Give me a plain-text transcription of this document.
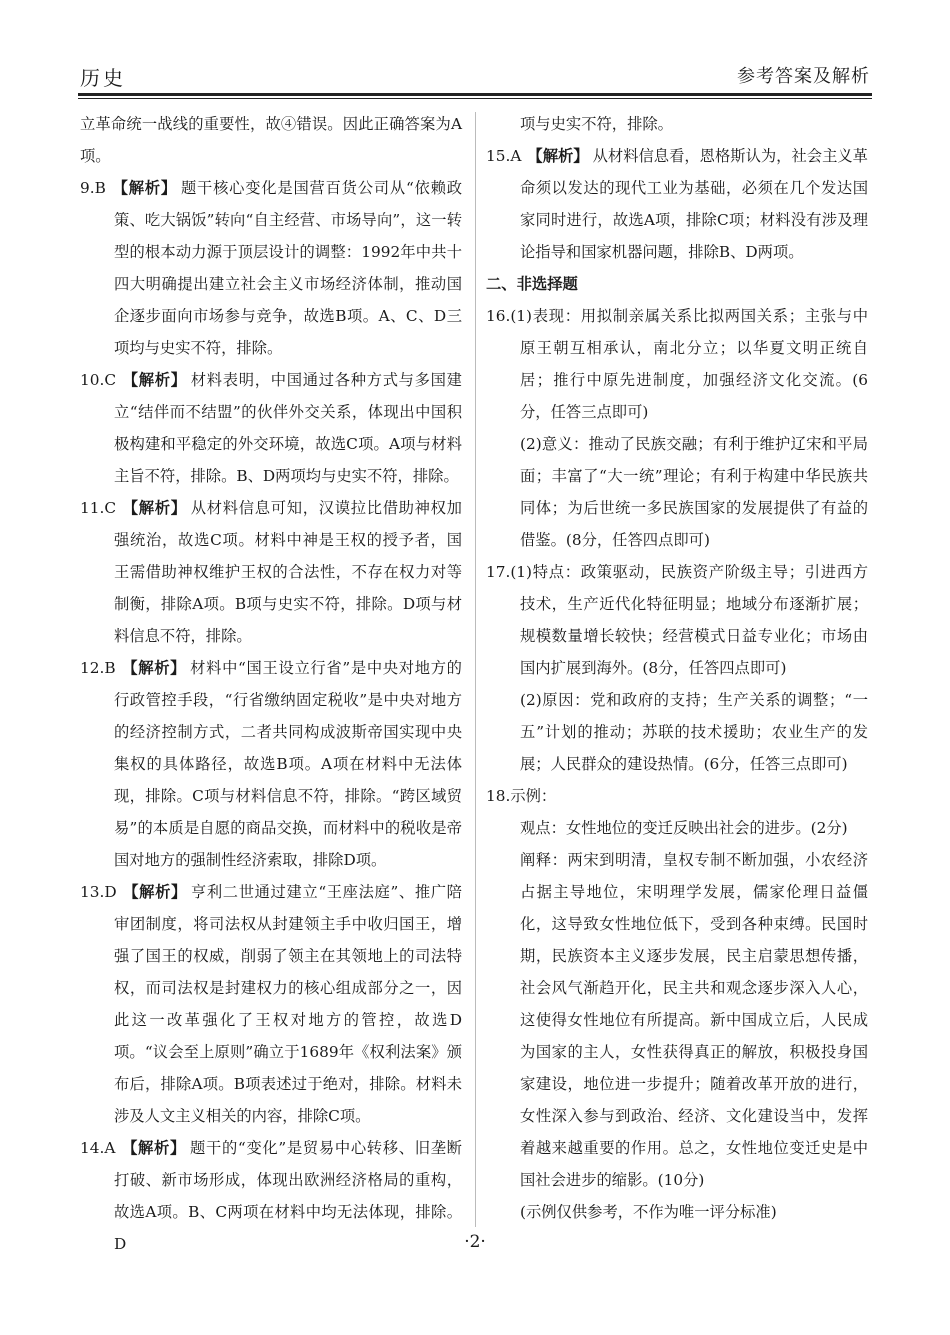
历史	参考答案及解析

立革命统一战线的重要性，故④错误。因此正确答案为A项。

9.B 【解析】 题干核心变化是国营百货公司从“依赖政策、吃大锅饭”转向“自主经营、市场导向”，这一转型的根本动力源于顶层设计的调整：1992年中共十四大明确提出建立社会主义市场经济体制，推动国企逐步面向市场参与竞争，故选B项。A、C、D三项均与史实不符，排除。

10.C 【解析】 材料表明，中国通过各种方式与多国建立“结伴而不结盟”的伙伴外交关系，体现出中国积极构建和平稳定的外交环境，故选C项。A项与材料主旨不符，排除。B、D两项均与史实不符，排除。

11.C 【解析】 从材料信息可知，汉谟拉比借助神权加强统治，故选C项。材料中神是王权的授予者，国王需借助神权维护王权的合法性，不存在权力对等制衡，排除A项。B项与史实不符，排除。D项与材料信息不符，排除。

12.B 【解析】 材料中“国王设立行省”是中央对地方的行政管控手段，“行省缴纳固定税收”是中央对地方的经济控制方式，二者共同构成波斯帝国实现中央集权的具体路径，故选B项。A项在材料中无法体现，排除。C项与材料信息不符，排除。“跨区域贸易”的本质是自愿的商品交换，而材料中的税收是帝国对地方的强制性经济索取，排除D项。

13.D 【解析】 亨利二世通过建立“王座法庭”、推广陪审团制度，将司法权从封建领主手中收归国王，增强了国王的权威，削弱了领主在其领地上的司法特权，而司法权是封建权力的核心组成部分之一，因此这一改革强化了王权对地方的管控，故选D项。“议会至上原则”确立于1689年《权利法案》颁布后，排除A项。B项表述过于绝对，排除。材料未涉及人文主义相关的内容，排除C项。

14.A 【解析】 题干的“变化”是贸易中心转移、旧垄断打破、新市场形成，体现出欧洲经济格局的重构，故选A项。B、C两项在材料中均无法体现，排除。D

项与史实不符，排除。

15.A 【解析】 从材料信息看，恩格斯认为，社会主义革命须以发达的现代工业为基础，必须在几个发达国家同时进行，故选A项，排除C项；材料没有涉及理论指导和国家机器问题，排除B、D两项。

二、非选择题

16.(1)表现：用拟制亲属关系比拟两国关系；主张与中原王朝互相承认，南北分立；以华夏文明正统自居；推行中原先进制度，加强经济文化交流。(6分，任答三点即可)

(2)意义：推动了民族交融；有利于维护辽宋和平局面；丰富了“大一统”理论；有利于构建中华民族共同体；为后世统一多民族国家的发展提供了有益的借鉴。(8分，任答四点即可)

17.(1)特点：政策驱动，民族资产阶级主导；引进西方技术，生产近代化特征明显；地域分布逐渐扩展；规模数量增长较快；经营模式日益专业化；市场由国内扩展到海外。(8分，任答四点即可)

(2)原因：党和政府的支持；生产关系的调整；“一五”计划的推动；苏联的技术援助；农业生产的发展；人民群众的建设热情。(6分，任答三点即可)

18.示例：

观点：女性地位的变迁反映出社会的进步。(2分)

阐释：两宋到明清，皇权专制不断加强，小农经济占据主导地位，宋明理学发展，儒家伦理日益僵化，这导致女性地位低下，受到各种束缚。民国时期，民族资本主义逐步发展，民主启蒙思想传播，社会风气渐趋开化，民主共和观念逐步深入人心，这使得女性地位有所提高。新中国成立后，人民成为国家的主人，女性获得真正的解放，积极投身国家建设，地位进一步提升；随着改革开放的进行，女性深入参与到政治、经济、文化建设当中，发挥着越来越重要的作用。总之，女性地位变迁史是中国社会进步的缩影。(10分)

(示例仅供参考，不作为唯一评分标准)

·2·
